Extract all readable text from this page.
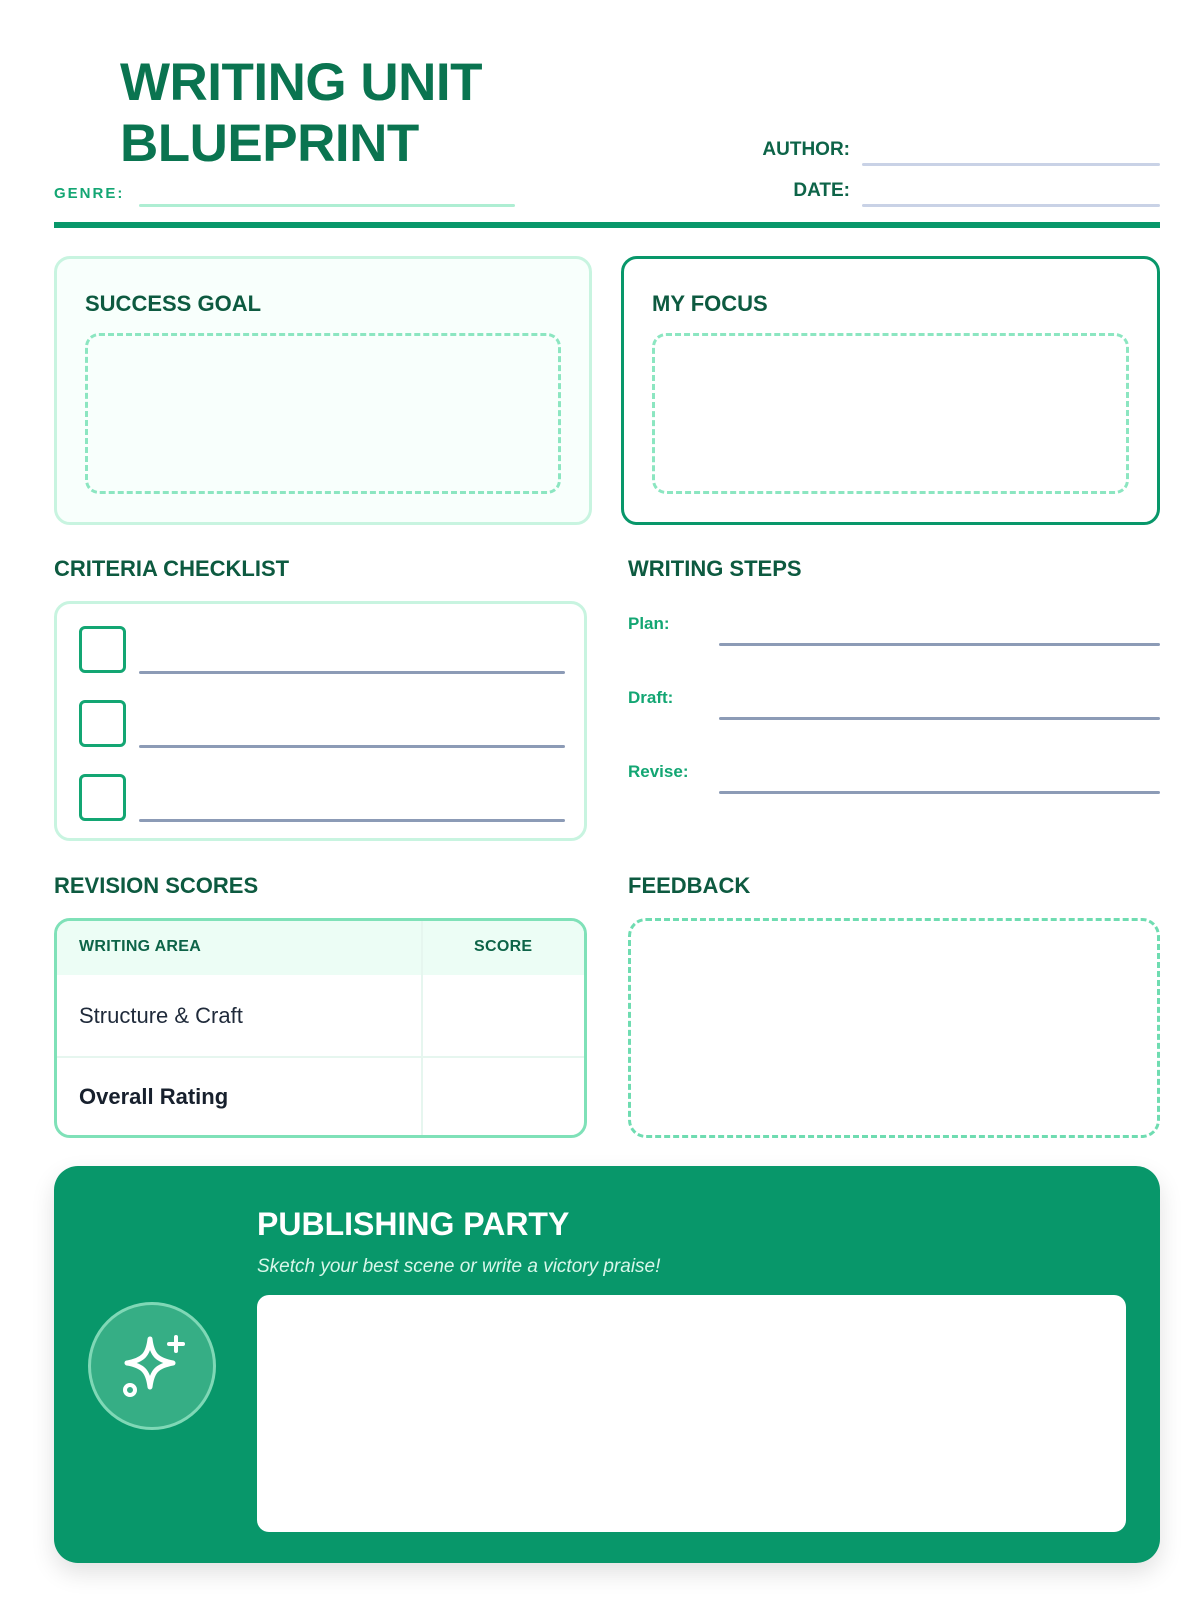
WRITING UNIT
BLUEPRINT
GENRE:
AUTHOR:
DATE:
SUCCESS GOAL	MY FOCUS
CRITERIA CHECKLIST	WRITING STEPS
Plan:
Draft:
Revise:
REVISION SCORES
WRITING AREA	SCORE
Structure & Craft
Overall Rating
FEEDBACK
PUBLISHING PARTY
Sketch your best scene or write a victory praise!
